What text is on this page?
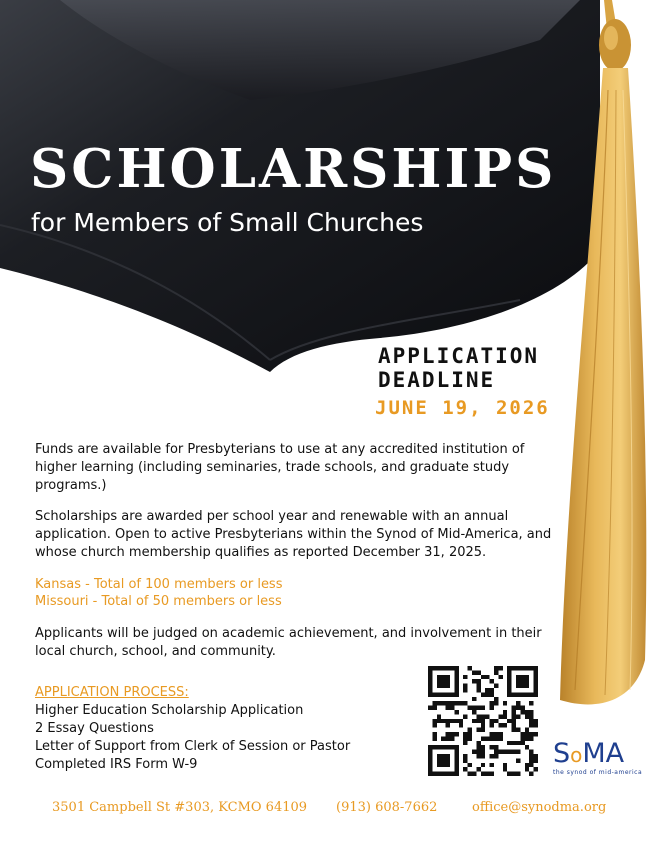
SCHOLARSHIPS

for Members of Small Churches

APPLICATION
DEADLINE

JUNE 19, 2026

Funds are available for Presbyterians to use at any accredited institution of higher learning (including seminaries, trade schools, and graduate study programs.)

Scholarships are awarded per school year and renewable with an annual application. Open to active Presbyterians within the Synod of Mid-America, and whose church membership qualifies as reported December 31, 2025.

Kansas - Total of 100 members or less
Missouri - Total of 50 members or less

Applicants will be judged on academic achievement, and involvement in their local church, school, and community.

APPLICATION PROCESS:
Higher Education Scholarship Application
2 Essay Questions
Letter of Support from Clerk of Session or Pastor
Completed IRS Form W-9	SoMA
the synod of mid-america
3501 Campbell St #303, KCMO 64109 (913) 608-7662	office@synodma.org
